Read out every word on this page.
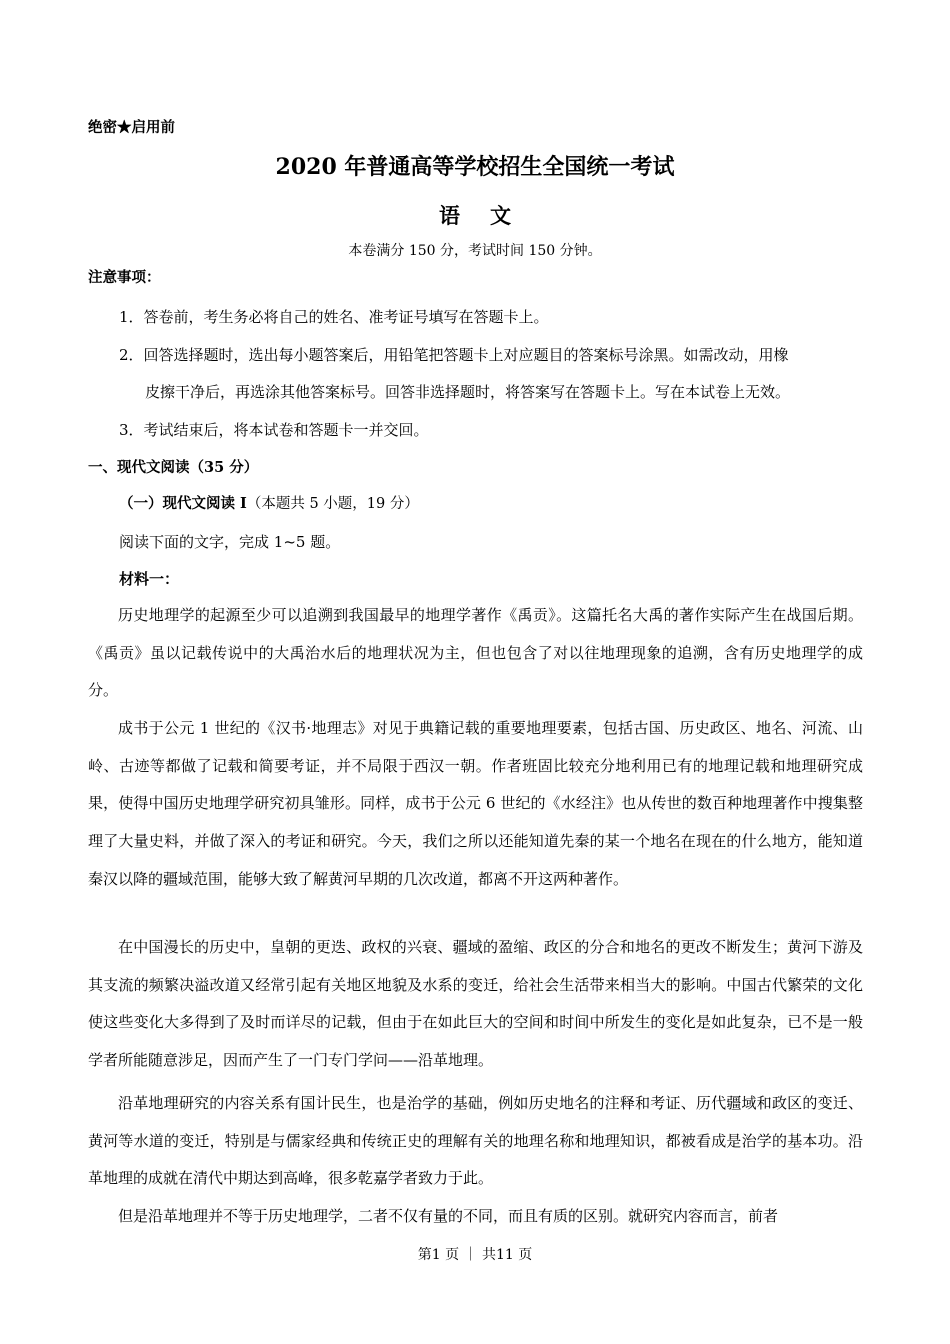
绝密★启用前
2020 年普通高等学校招生全国统一考试
语文
本卷满分 150 分，考试时间 150 分钟。
注意事项：
1．答卷前，考生务必将自己的姓名、准考证号填写在答题卡上。
2．回答选择题时，选出每小题答案后，用铅笔把答题卡上对应题目的答案标号涂黑。如需改动，用橡
皮擦干净后，再选涂其他答案标号。回答非选择题时，将答案写在答题卡上。写在本试卷上无效。
3．考试结束后，将本试卷和答题卡一并交回。
一、现代文阅读（35 分）
（一）现代文阅读 I（本题共 5 小题，19 分）
阅读下面的文字，完成 1~5 题。
材料一：
历史地理学的起源至少可以追溯到我国最早的地理学著作《禹贡》。这篇托名大禹的著作实际产生在战国后期。《禹贡》虽以记载传说中的大禹治水后的地理状况为主，但也包含了对以往地理现象的追溯，含有历史地理学的成分。
成书于公元 1 世纪的《汉书·地理志》对见于典籍记载的重要地理要素，包括古国、历史政区、地名、河流、山岭、古迹等都做了记载和简要考证，并不局限于西汉一朝。作者班固比较充分地利用已有的地理记载和地理研究成果，使得中国历史地理学研究初具雏形。同样，成书于公元 6 世纪的《水经注》也从传世的数百种地理著作中搜集整理了大量史料，并做了深入的考证和研究。今天，我们之所以还能知道先秦的某一个地名在现在的什么地方，能知道秦汉以降的疆域范围，能够大致了解黄河早期的几次改道，都离不开这两种著作。
在中国漫长的历史中，皇朝的更迭、政权的兴衰、疆域的盈缩、政区的分合和地名的更改不断发生；黄河下游及其支流的频繁决溢改道又经常引起有关地区地貌及水系的变迁，给社会生活带来相当大的影响。中国古代繁荣的文化使这些变化大多得到了及时而详尽的记载，但由于在如此巨大的空间和时间中所发生的变化是如此复杂，已不是一般学者所能随意涉足，因而产生了一门专门学问——沿革地理。
沿革地理研究的内容关系有国计民生，也是治学的基础，例如历史地名的注释和考证、历代疆域和政区的变迁、黄河等水道的变迁，特别是与儒家经典和传统正史的理解有关的地理名称和地理知识，都被看成是治学的基本功。沿革地理的成就在清代中期达到高峰，很多乾嘉学者致力于此。
但是沿革地理并不等于历史地理学，二者不仅有量的不同，而且有质的区别。就研究内容而言，前者
第1 页 ｜ 共11 页
